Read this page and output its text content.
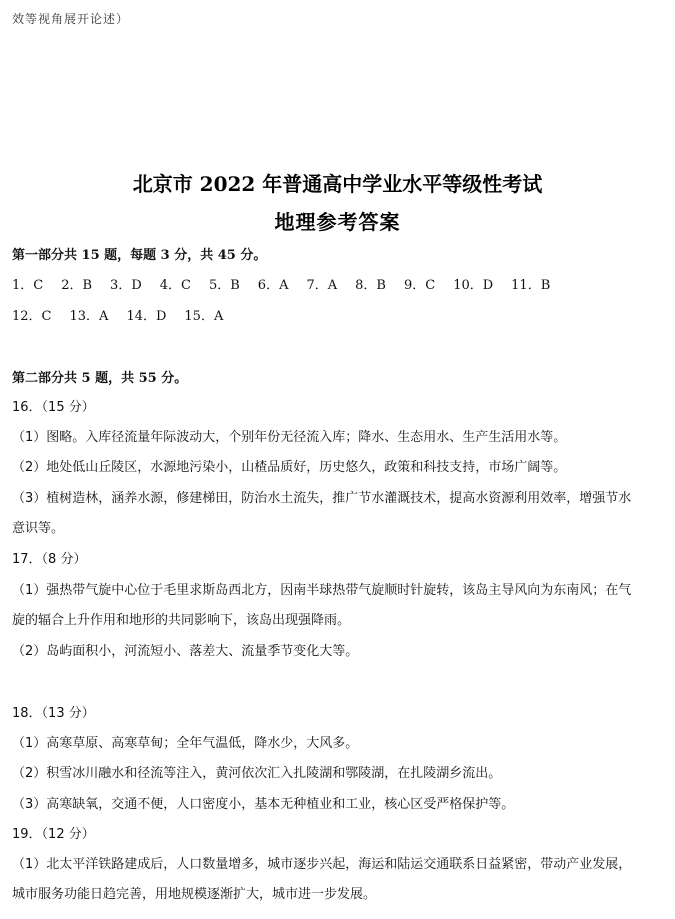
效等视角展开论述）
北京市 2022 年普通高中学业水平等级性考试
地理参考答案
第一部分共 15 题，每题 3 分，共 45 分。
1．C 2．B 3．D 4．C 5．B 6．A 7．A 8．B 9．C 10．D 11．B
12．C 13．A 14．D 15．A
第二部分共 5 题，共 55 分。
16．（15 分）
（1）图略。入库径流量年际波动大，个别年份无径流入库；降水、生态用水、生产生活用水等。
（2）地处低山丘陵区，水源地污染小，山楂品质好，历史悠久，政策和科技支持，市场广阔等。
（3）植树造林，涵养水源，修建梯田，防治水土流失，推广节水灌溉技术，提高水资源利用效率，增强节水
意识等。
17．（8 分）
（1）强热带气旋中心位于毛里求斯岛西北方，因南半球热带气旋顺时针旋转，该岛主导风向为东南风；在气
旋的辐合上升作用和地形的共同影响下，该岛出现强降雨。
（2）岛屿面积小，河流短小、落差大、流量季节变化大等。
18．（13 分）
（1）高寒草原、高寒草甸；全年气温低，降水少，大风多。
（2）积雪冰川融水和径流等注入，黄河依次汇入扎陵湖和鄂陵湖，在扎陵湖乡流出。
（3）高寒缺氧，交通不便，人口密度小，基本无种植业和工业，核心区受严格保护等。
19．（12 分）
（1）北太平洋铁路建成后，人口数量增多，城市逐步兴起，海运和陆运交通联系日益紧密，带动产业发展，
城市服务功能日趋完善，用地规模逐渐扩大，城市进一步发展。
